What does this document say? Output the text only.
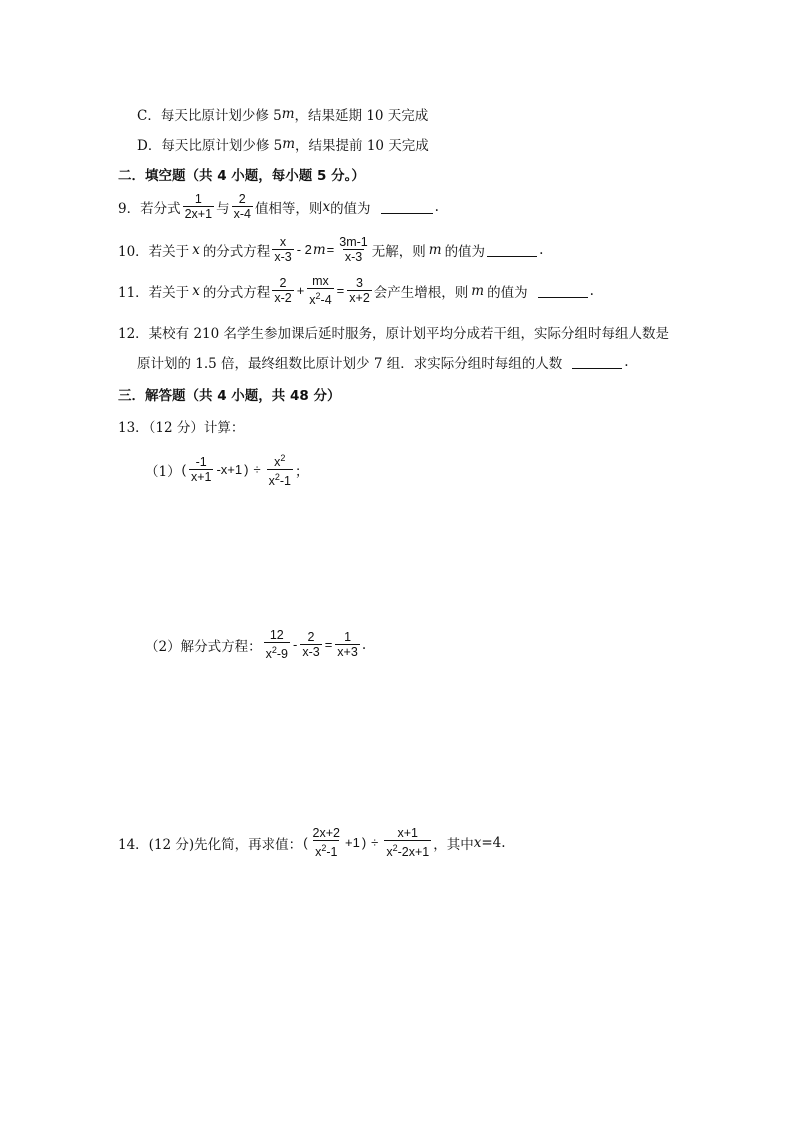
C．每天比原计划少修 5 m ，结果延期 10 天完成
D．每天比原计划少修 5 m ，结果提前 10 天完成
二．填空题（共 4 小题，每小题 5 分。）
9．若分式 $\frac{1}{2x+1}$ 与 $\frac{2}{x-4}$ 值相等，则 x 的值为	.
10．若关于 x 的分式方程 $\frac{x}{x-3} - 2$ $m = \frac{3m-1}{x-3}$ 无解，则 m 的值为	.
11．若关于 x 的分式方程 $\frac{2}{x-2} + \frac{mx}{x^2-4} = \frac{3}{x+2}$ 会产生增根，则 m 的值为	.
12．某校有 210 名学生参加课后延时服务，原计划平均分成若干组，实际分组时每组人数是
原计划的 1.5 倍，最终组数比原计划少 7 组．求实际分组时每组的人数	.
三．解答题（共 4 小题，共 48 分）
13．（12 分）计算：
（1） ( $\frac{-1}{x+1} -x+1$ ) ÷ $\frac{x^2}{x^2-1}$ ；
（2）解分式方程： $\frac{12}{x^2-9} - \frac{2}{x-3} = \frac{1}{x+3}$ .
14．(12 分)先化简，再求值： ( $\frac{2x+2}{x^2-1} +1$ ) ÷ $\frac{x+1}{x^2-2x+1}$ ，其中 x =4.
